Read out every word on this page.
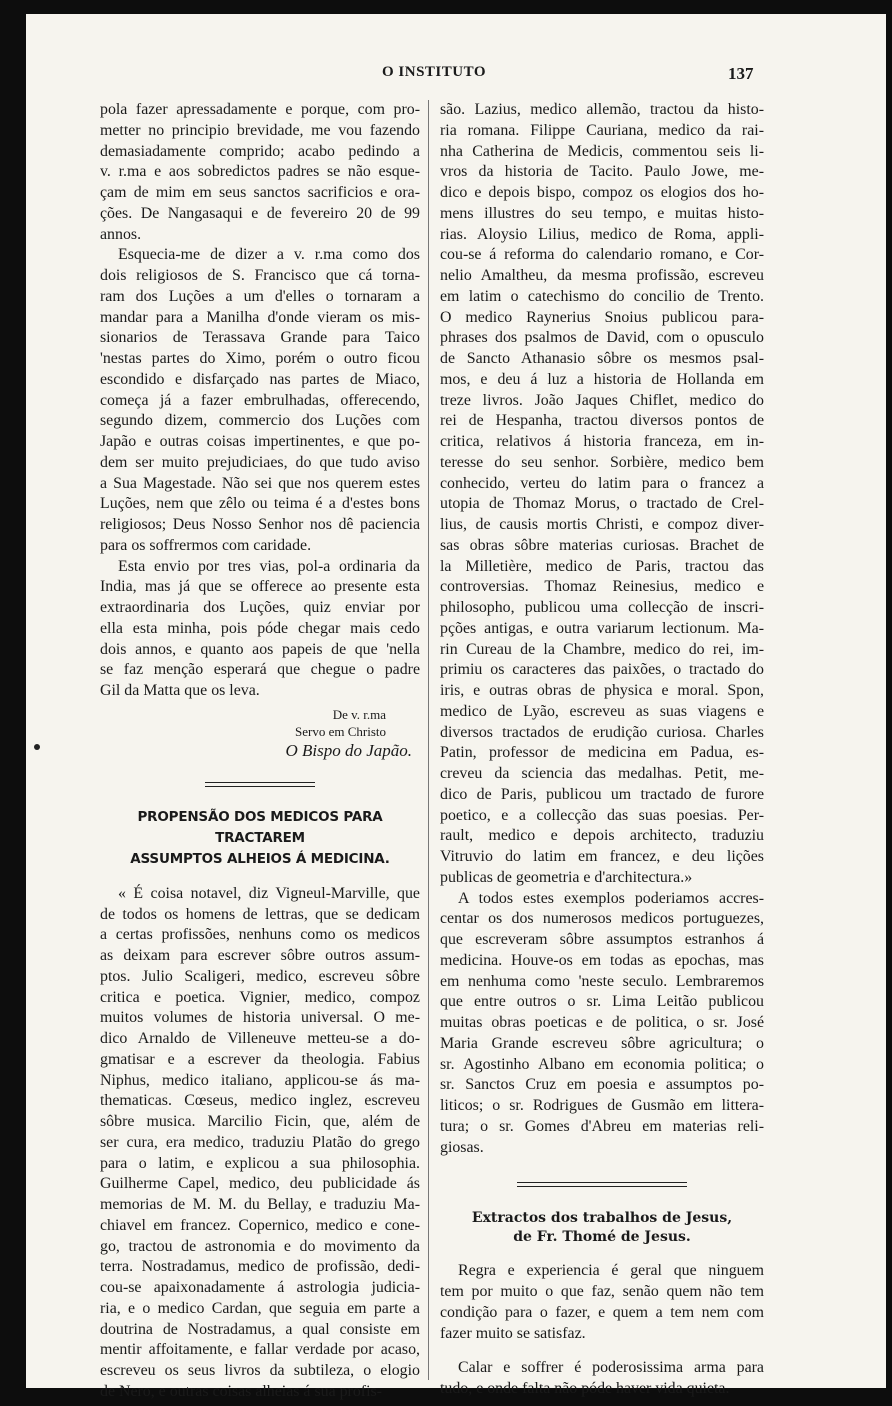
O INSTITUTO	137
pola fazer apressadamente e porque, com pro-
metter no principio brevidade, me vou fazendo
demasiadamente comprido; acabo pedindo a
v. r.ma e aos sobredictos padres se não esque-
çam de mim em seus sanctos sacrificios e ora-
ções. De Nangasaqui e de fevereiro 20 de 99
annos.
Esquecia-me de dizer a v. r.ma como dos
dois religiosos de S. Francisco que cá torna-
ram dos Luções a um d'elles o tornaram a
mandar para a Manilha d'onde vieram os mis-
sionarios de Terassava Grande para Taico
'nestas partes do Ximo, porém o outro ficou
escondido e disfarçado nas partes de Miaco,
começa já a fazer embrulhadas, offerecendo,
segundo dizem, commercio dos Luções com
Japão e outras coisas impertinentes, e que po-
dem ser muito prejudiciaes, do que tudo aviso
a Sua Magestade. Não sei que nos querem estes
Luções, nem que zêlo ou teima é a d'estes bons
religiosos; Deus Nosso Senhor nos dê paciencia
para os soffrermos com caridade.
Esta envio por tres vias, pol-a ordinaria da
India, mas já que se offerece ao presente esta
extraordinaria dos Luções, quiz enviar por
ella esta minha, pois póde chegar mais cedo
dois annos, e quanto aos papeis de que 'nella
se faz menção esperará que chegue o padre
Gil da Matta que os leva.
De v. r.ma
Servo em Christo
O Bispo do Japão.
PROPENSÃO DOS MEDICOS PARA TRACTAREM
ASSUMPTOS ALHEIOS Á MEDICINA.
« É coisa notavel, diz Vigneul-Marville, que
de todos os homens de lettras, que se dedicam
a certas profissões, nenhuns como os medicos
as deixam para escrever sôbre outros assum-
ptos. Julio Scaligeri, medico, escreveu sôbre
critica e poetica. Vignier, medico, compoz
muitos volumes de historia universal. O me-
dico Arnaldo de Villeneuve metteu-se a do-
gmatisar e a escrever da theologia. Fabius
Niphus, medico italiano, applicou-se ás ma-
thematicas. Cœseus, medico inglez, escreveu
sôbre musica. Marcilio Ficin, que, além de
ser cura, era medico, traduziu Platão do grego
para o latim, e explicou a sua philosophia.
Guilherme Capel, medico, deu publicidade ás
memorias de M. M. du Bellay, e traduziu Ma-
chiavel em francez. Copernico, medico e cone-
go, tractou de astronomia e do movimento da
terra. Nostradamus, medico de profissão, dedi-
cou-se apaixonadamente á astrologia judicia-
ria, e o medico Cardan, que seguia em parte a
doutrina de Nostradamus, a qual consiste em
mentir affoitamente, e fallar verdade por acaso,
escreveu os seus livros da subtileza, o elogio
de Nero, e outras coisas alheias á sua profis-
são. Lazius, medico allemão, tractou da histo-
ria romana. Filippe Cauriana, medico da rai-
nha Catherina de Medicis, commentou seis li-
vros da historia de Tacito. Paulo Jowe, me-
dico e depois bispo, compoz os elogios dos ho-
mens illustres do seu tempo, e muitas histo-
rias. Aloysio Lilius, medico de Roma, appli-
cou-se á reforma do calendario romano, e Cor-
nelio Amaltheu, da mesma profissão, escreveu
em latim o catechismo do concilio de Trento.
O medico Raynerius Snoius publicou para-
phrases dos psalmos de David, com o opusculo
de Sancto Athanasio sôbre os mesmos psal-
mos, e deu á luz a historia de Hollanda em
treze livros. João Jaques Chiflet, medico do
rei de Hespanha, tractou diversos pontos de
critica, relativos á historia franceza, em in-
teresse do seu senhor. Sorbière, medico bem
conhecido, verteu do latim para o francez a
utopia de Thomaz Morus, o tractado de Crel-
lius, de causis mortis Christi, e compoz diver-
sas obras sôbre materias curiosas. Brachet de
la Milletière, medico de Paris, tractou das
controversias. Thomaz Reinesius, medico e
philosopho, publicou uma collecção de inscri-
pções antigas, e outra variarum lectionum. Ma-
rin Cureau de la Chambre, medico do rei, im-
primiu os caracteres das paixões, o tractado do
iris, e outras obras de physica e moral. Spon,
medico de Lyão, escreveu as suas viagens e
diversos tractados de erudição curiosa. Charles
Patin, professor de medicina em Padua, es-
creveu da sciencia das medalhas. Petit, me-
dico de Paris, publicou um tractado de furore
poetico, e a collecção das suas poesias. Per-
rault, medico e depois architecto, traduziu
Vitruvio do latim em francez, e deu lições
publicas de geometria e d'architectura.»
A todos estes exemplos poderiamos accres-
centar os dos numerosos medicos portuguezes,
que escreveram sôbre assumptos estranhos á
medicina. Houve-os em todas as epochas, mas
em nenhuma como 'neste seculo. Lembraremos
que entre outros o sr. Lima Leitão publicou
muitas obras poeticas e de politica, o sr. José
Maria Grande escreveu sôbre agricultura; o
sr. Agostinho Albano em economia politica; o
sr. Sanctos Cruz em poesia e assumptos po-
liticos; o sr. Rodrigues de Gusmão em littera-
tura; o sr. Gomes d'Abreu em materias reli-
giosas.
Extractos dos trabalhos de Jesus,
de Fr. Thomé de Jesus.
Regra e experiencia é geral que ninguem
tem por muito o que faz, senão quem não tem
condição para o fazer, e quem a tem nem com
fazer muito se satisfaz.
Calar e soffrer é poderosissima arma para
tudo, e onde falta não póde haver vida quieta.
